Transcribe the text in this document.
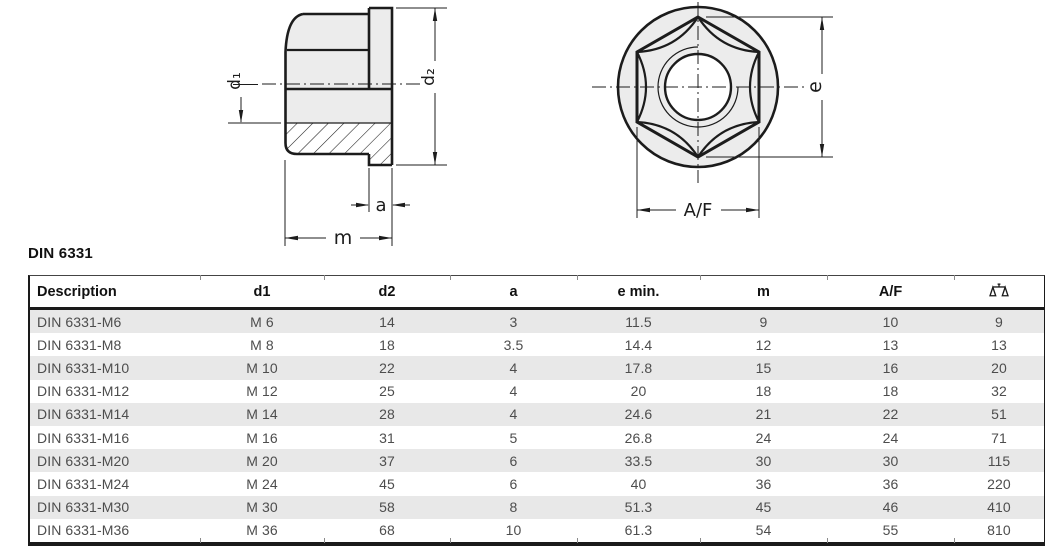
d₁	d₂
a
m
e
A/F
DIN 6331
Description	d1	d2	a	e min.	m	A/F
DIN 6331-M6	M 6	14	3	11.5	9	10	9
DIN 6331-M8	M 8	18	3.5	14.4	12	13	13
DIN 6331-M10	M 10	22	4	17.8	15	16	20
DIN 6331-M12	M 12	25	4	20	18	18	32
DIN 6331-M14	M 14	28	4	24.6	21	22	51
DIN 6331-M16	M 16	31	5	26.8	24	24	71
DIN 6331-M20	M 20	37	6	33.5	30	30	115
DIN 6331-M24	M 24	45	6	40	36	36	220
DIN 6331-M30	M 30	58	8	51.3	45	46	410
DIN 6331-M36	M 36	68	10	61.3	54	55	810
